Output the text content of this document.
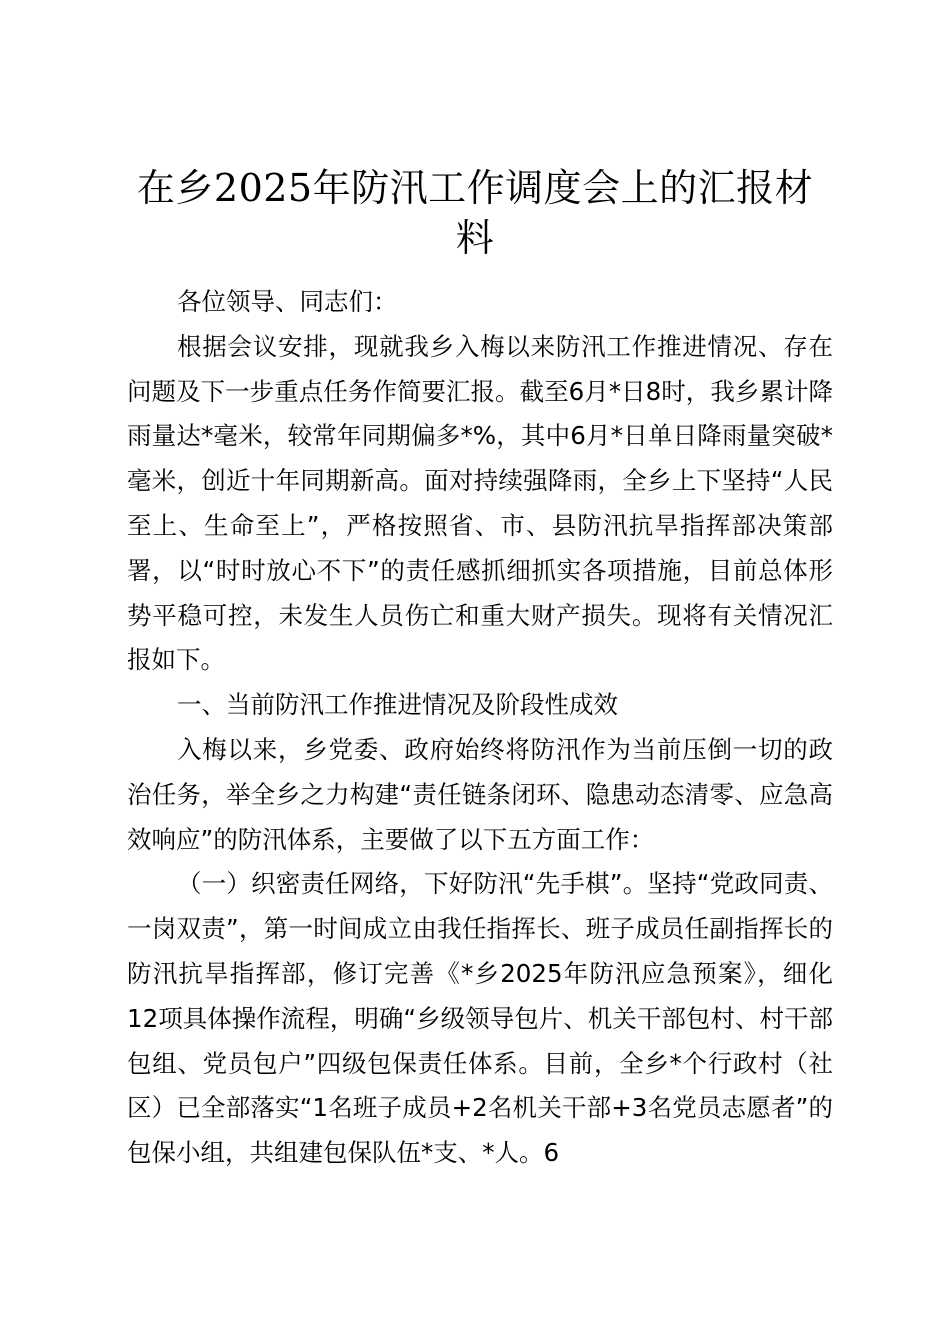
在乡2025年防汛工作调度会上的汇报材料

各位领导、同志们：

根据会议安排，现就我乡入梅以来防汛工作推进情况、存在问题及下一步重点任务作简要汇报。截至6月*日8时，我乡累计降雨量达*毫米，较常年同期偏多*%，其中6月*日单日降雨量突破*毫米，创近十年同期新高。面对持续强降雨，全乡上下坚持“人民至上、生命至上”，严格按照省、市、县防汛抗旱指挥部决策部署，以“时时放心不下”的责任感抓细抓实各项措施，目前总体形势平稳可控，未发生人员伤亡和重大财产损失。现将有关情况汇报如下。

一、当前防汛工作推进情况及阶段性成效

入梅以来，乡党委、政府始终将防汛作为当前压倒一切的政治任务，举全乡之力构建“责任链条闭环、隐患动态清零、应急高效响应”的防汛体系，主要做了以下五方面工作：

（一）织密责任网络，下好防汛“先手棋”。坚持“党政同责、一岗双责”，第一时间成立由我任指挥长、班子成员任副指挥长的防汛抗旱指挥部，修订完善《*乡2025年防汛应急预案》，细化12项具体操作流程，明确“乡级领导包片、机关干部包村、村干部包组、党员包户”四级包保责任体系。目前，全乡*个行政村（社区）已全部落实“1名班子成员+2名机关干部+3名党员志愿者”的包保小组，共组建包保队伍*支、*人。6
